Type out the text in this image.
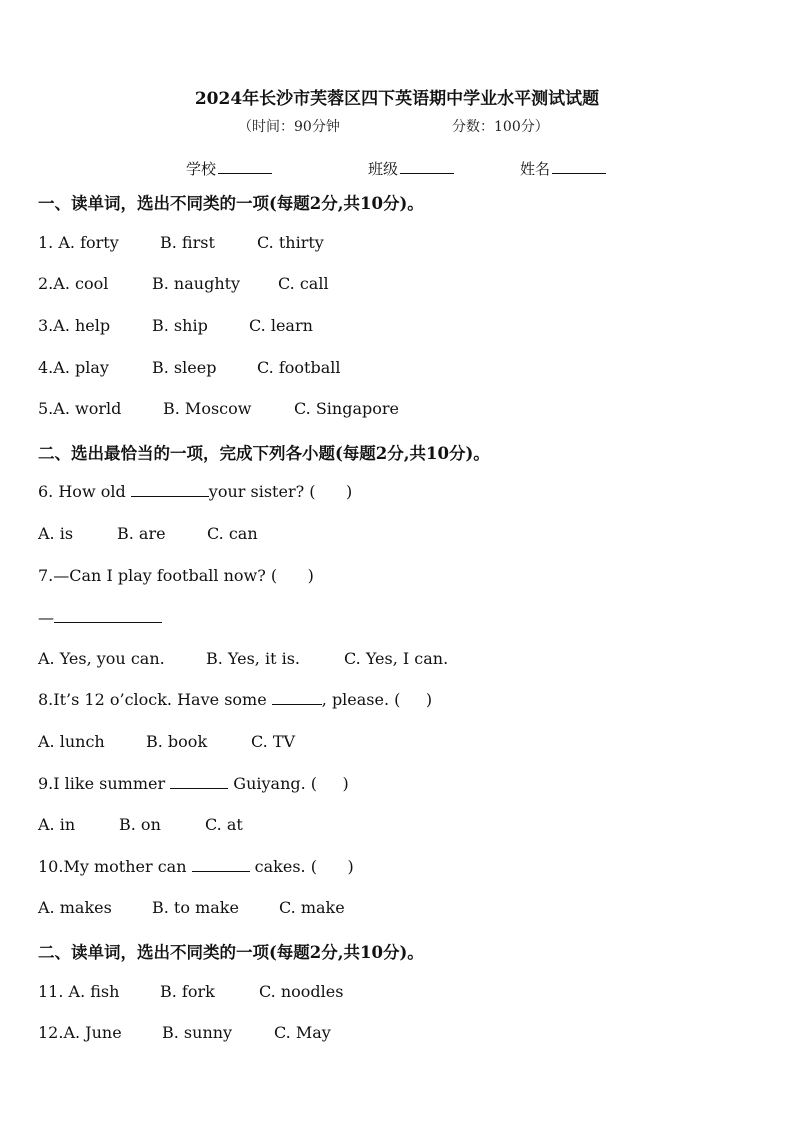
2024年长沙市芙蓉区四下英语期中学业水平测试试题
（时间：90分钟	分数：100分）
学校	班级	姓名
一、读单词，选出不同类的一项(每题2分,共10分)。
1. A. forty	B. first	C. thirty
2.A. cool	B. naughty C. call
3.A. help	B. ship	C. learn
4.A. play	B. sleep	C. football
5.A. world	B. Moscow	C. Singapore
二、选出最恰当的一项，完成下列各小题(每题2分,共10分)。
6. How old	your sister? (      )
A. is	B. are	C. can
7.—Can I play football now? (      )
—
A. Yes, you can.	B. Yes, it is.	C. Yes, I can.
8.It’s 12 o’clock. Have some	, please. (     )
A. lunch	B. book	C. TV
9.I like summer	Guiyang. (     )
A. in	B. on	C. at
10.My mother can	cakes. (      )
A. makes	B. to make	C. make
二、读单词，选出不同类的一项(每题2分,共10分)。
11. A. fish	B. fork	C. noodles
12.A. June	B. sunny	C. May
